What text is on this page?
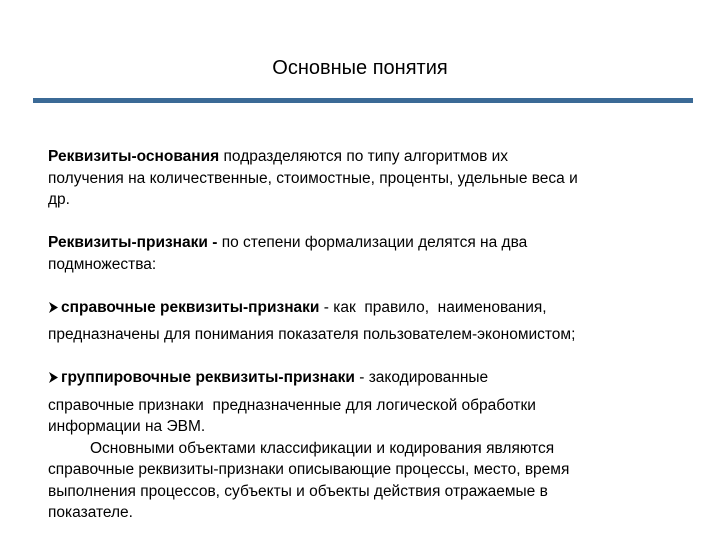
Основные понятия

Реквизиты-основания подразделяются по типу алгоритмов их
получения на количественные, стоимостные, проценты, удельные веса и
др.

Реквизиты-признаки - по степени формализации делятся на два
подмножества:

справочные реквизиты-признаки - как  правило,  наименования,
предназначены для понимания показателя пользователем-экономистом;

группировочные реквизиты-признаки - закодированные
справочные признаки  предназначенные для логической обработки
информации на ЭВМ.

Основными объектами классификации и кодирования являются
справочные реквизиты-признаки описывающие процессы, место, время
выполнения процессов, субъекты и объекты действия отражаемые в
показателе.
